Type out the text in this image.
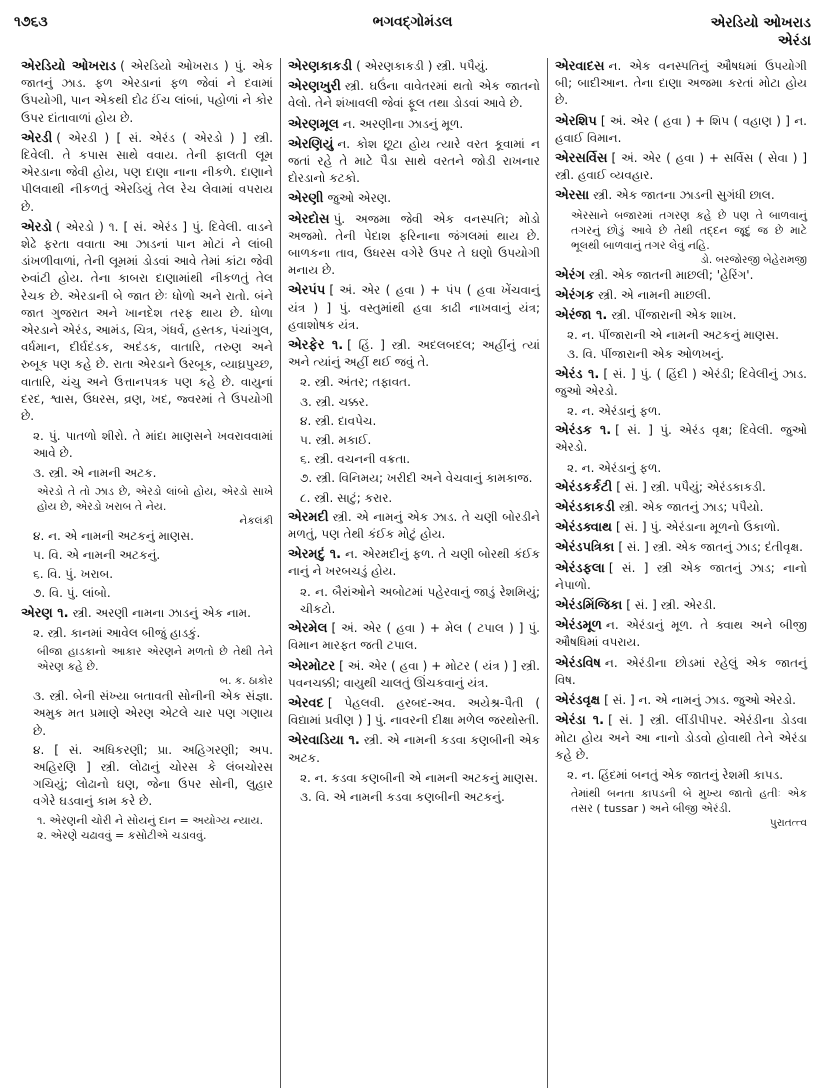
૧૭૬૩	ભગવદ્ગોમંડલ	એરડિયો ઓખરાડ
એરંડા
એરડિયો ઓખરાડ ( એરડિયો ઓખરાડ ) પું. એક જાતનું ઝાડ. ફળ એરડાનાં ફળ જેવાં ને દવામાં ઉપયોગી, પાન એકથી દોઢ ઈંચ લાંબાં, પહોળાં ને કોર ઉપર દાંતાવાળાં હોય છે.
એરડી ( એરડી ) [ સં. એરંડ ( એરડો ) ] સ્ત્રી. દિવેલી. તે કપાસ સાથે વવાય. તેની ફાલતી લૂમ એરડાના જેવી હોય, પણ દાણા નાના નીકળે. દાણાને પીલવાથી નીકળતું એરડિયું તેલ રેચ લેવામાં વપરાય છે.
એરડો ( એરડો ) ૧. [ સં. એરંડ ] પું. દિવેલી. વાડને શેઢે ફરતા વવાતા આ ઝાડનાં પાન મોટાં ને લાંબી ડાંખળીવાળાં, તેની લૂમમાં ડોડવાં આવે તેમાં કાંટા જેવી રુવાંટી હોય. તેના કાબરા દાણામાંથી નીકળતું તેલ રેચક છે. એરડાની બે જાત છેઃ ધોળો અને રાતો. બંને જાત ગુજરાત અને ખાનદેશ તરફ થાય છે. ધોળા એરડાને એરંડ, આમંડ, ચિત્ર, ગંધર્વ, હસ્તક, પંચાંગુલ, વર્ધમાન, દીર્ઘદંડક, અદંડક, વાતારિ, તરુણ અને રુબૂક પણ કહે છે. રાતા એરડાને ઉરબૂક, વ્યાઘ્રપુચ્છ, વાતારિ, ચંચુ અને ઉત્તાનપત્રક પણ કહે છે. વાયુનાં દરદ, શ્વાસ, ઉધરસ, વ્રણ, ખદ, જ્વરમાં તે ઉપયોગી છે.
૨. પું. પાતળો શીરો. તે માંદા માણસને ખવરાવવામાં આવે છે.
૩. સ્ત્રી. એ નામની અટક.
એરડો તે તો ઝાડ છે, એરડો લાંબો હોય, એરડો સાખે હોય છે, એરડો ખરાબ તે નેય.
નેકલંકી
૪. ન. એ નામની અટકનું માણસ.
૫. વિ. એ નામની અટકનું.
૬. વિ. પું. ખરાબ.
૭. વિ. પું. લાંબો.
એરણ ૧. સ્ત્રી. અરણી નામના ઝાડનું એક નામ.
૨. સ્ત્રી. કાનમાં આવેલ બીજું હાડકું.
બીજા હાડકાનો આકાર એરણને મળતો છે તેથી તેને એરણ કહે છે.
બ. ક. ઠાકોર
૩. સ્ત્રી. બેની સંખ્યા બતાવતી સોનીની એક સંજ્ઞા. અમુક મત પ્રમાણે એરણ એટલે ચાર પણ ગણાય છે.
૪. [ સં. અધિકરણી; પ્રા. અહિગરણી; અપ. અહિરણિ ] સ્ત્રી. લોઢાનું ચોરસ કે લંબચોરસ ગચિયું; લોઢાનો ઘણ, જેના ઉપર સોની, લુહાર વગેરે ઘડવાનું કામ કરે છે.
૧. એરણની ચોરી ને સોયનું દાન = અયોગ્ય ન્યાય.
૨. એરણે ચઢાવવું = કસોટીએ ચડાવવું.
એરણકાકડી ( એરણકાકડી ) સ્ત્રી. પપૈયું.
એરણખુરી સ્ત્રી. ઘઉંના વાવેતરમાં થતો એક જાતનો વેલો. તેને શંખાવલી જેવાં ફૂલ તથા ડોડવાં આવે છે.
એરણમૂલ ન. અરણીના ઝાડનું મૂળ.
એરણિયું ન. કોશ છૂટા હોય ત્યારે વરત કૂવામાં ન જતાં રહે તે માટે પૈડા સાથે વરતને જોડી રાખનાર દોરડાનો કટકો.
એરણી જુઓ એરણ.
એરદોસ પું. અજમા જેવી એક વનસ્પતિ; મોડો અજમો. તેની પેદાશ ફરિનાના જંગલમાં થાય છે. બાળકના તાવ, ઉધરસ વગેરે ઉપર તે ઘણો ઉપયોગી મનાય છે.
એરપંપ [ અં. એર ( હવા ) + પંપ ( હવા ખેંચવાનું યંત્ર ) ] પું. વસ્તુમાંથી હવા કાઢી નાખવાનું યંત્ર; હવાશોષક યંત્ર.
એરફેર ૧. [ હિં. ] સ્ત્રી. અદલબદલ; અહીંનું ત્યાં અને ત્યાંનું અહીં થઈ જવું તે.
૨. સ્ત્રી. અંતર; તફાવત.
૩. સ્ત્રી. ચક્કર.
૪. સ્ત્રી. દાવપેચ.
૫. સ્ત્રી. મકાઈ.
૬. સ્ત્રી. વચનની વક્રતા.
૭. સ્ત્રી. વિનિમય; ખરીદી અને વેચવાનું કામકાજ.
૮. સ્ત્રી. સાટું; કરાર.
એરમદી સ્ત્રી. એ નામનું એક ઝાડ. તે ચણી બોરડીને મળતું, પણ તેથી કંઈક મોટું હોય.
એરમદું ૧. ન. એરમદીનું ફળ. તે ચણી બોરથી કંઈક નાનું ને ખરબચડું હોય.
૨. ન. બૈરાંઓને અબોટમાં પહેરવાનું જાડું રેશમિયું; ચીકટો.
એરમેલ [ અં. એર ( હવા ) + મેલ ( ટપાલ ) ] પું. વિમાન મારફત જતી ટપાલ.
એરમોટર [ અં. એર ( હવા ) + મોટર ( યંત્ર ) ] સ્ત્રી. પવનચક્કી; વાયુથી ચાલતું ઊંચકવાનું યંત્ર.
એરવદ [ પેહલવી. હરબદ-અવ. અયેશ્ર-પૈતી ( વિદ્યામાં પ્રવીણ ) ] પું. નાવરની દીક્ષા મળેલ જરથોસ્તી.
એરવાડિયા ૧. સ્ત્રી. એ નામની કડવા કણબીની એક અટક.
૨. ન. કડવા કણબીની એ નામની અટકનું માણસ.
૩. વિ. એ નામની કડવા કણબીની અટકનું.
એરવાદસ ન. એક વનસ્પતિનું ઔષધમાં ઉપયોગી બી; બાદીઆન. તેના દાણા અજમા કરતાં મોટા હોય છે.
એરશિપ [ અં. એર ( હવા ) + શિપ ( વહાણ ) ] ન. હવાઈ વિમાન.
એરસર્વિસ [ અં. એર ( હવા ) + સર્વિસ ( સેવા ) ] સ્ત્રી. હવાઈ વ્યવહાર.
એરસા સ્ત્રી. એક જાતના ઝાડની સુગંધી છાલ.
એરસાને બજારમાં તગરણ કહે છે પણ તે બાળવાનું તગરનું છોડું આવે છે તેથી તદ્દન જૂદું જ છે માટે ભૂલથી બાળવાનું તગર લેવું નહિ.
ડો. બરજોરજી બેહેરામજી
એરંગ સ્ત્રી. એક જાતની માછલી; 'હેરિંગ'.
એરંગક સ્ત્રી. એ નામની માછલી.
એરંજા ૧. સ્ત્રી. પીંજારાની એક શાખ.
૨. ન. પીંજારાની એ નામની અટકનું માણસ.
૩. વિ. પીંજારાની એક ઓળખનું.
એરંડ ૧. [ સં. ] પું. ( હિંદી ) એરંડી; દિવેલીનું ઝાડ. જુઓ એરડો.
૨. ન. એરંડાનું ફળ.
એરંડક ૧. [ સં. ] પું. એરંડ વૃક્ષ; દિવેલી. જુઓ એરડો.
૨. ન. એરંડાનું ફળ.
એરંડકર્કટી [ સં. ] સ્ત્રી. પપૈયું; એરંડકાકડી.
એરંડકાકડી સ્ત્રી. એક જાતનું ઝાડ; પપૈયો.
એરંડક્વાથ [ સં. ] પું. એરંડાના મૂળનો ઉકાળો.
એરંડપત્રિકા [ સં. ] સ્ત્રી. એક જાતનું ઝાડ; દંતીવૃક્ષ.
એરંડફલા [ સં. ] સ્ત્રી એક જાતનું ઝાડ; નાનો નેપાળો.
એરંડમિંજિકા [ સં. ] સ્ત્રી. એરડી.
એરંડમૂળ ન. એરંડાનું મૂળ. તે ક્વાથ અને બીજી ઔષધિમાં વપરાય.
એરંડવિષ ન. એરંડીના છોડમાં રહેલું એક જાતનું વિષ.
એરંડવૃક્ષ [ સં. ] ન. એ નામનું ઝાડ. જુઓ એરડો.
એરંડા ૧. [ સં. ] સ્ત્રી. લીંડીપીપર. એરંડીના ડોડવા મોટા હોય અને આ નાનો ડોડવો હોવાથી તેને એરંડા કહે છે.
૨. ન. હિંદમાં બનતું એક જાતનું રેશમી કાપડ.
તેમાંથી બનતા કાપડની બે મુખ્ય જાતો હતીઃ એક તસર ( tussar ) અને બીજી એરંડી.
પુરાતત્ત્વ
